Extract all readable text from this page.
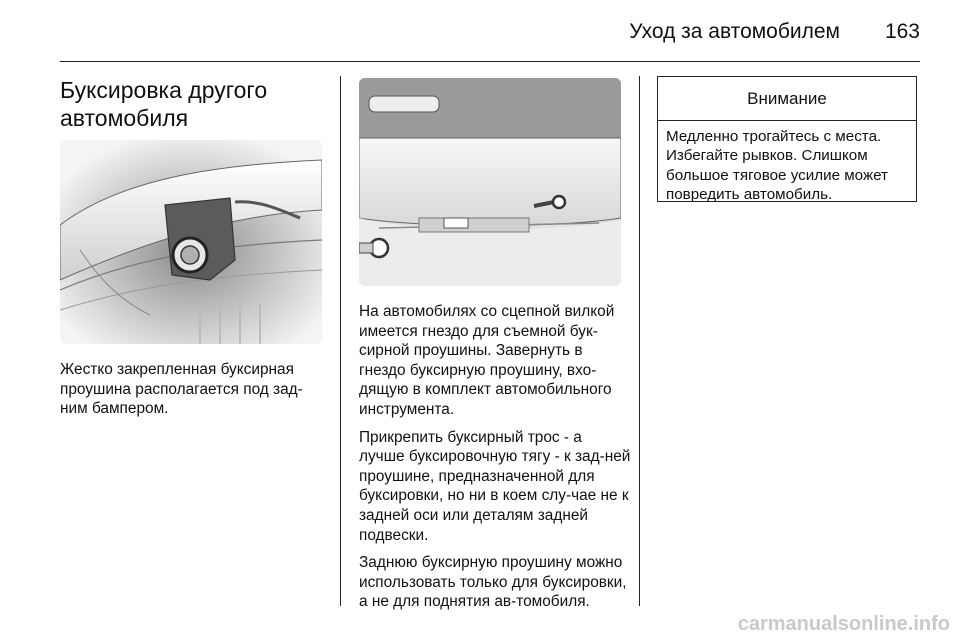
Уход за автомобилем	163
Буксировка другого
автомобиля

Жестко закрепленная буксирная проушина располагается под зад-ним бампером.

На автомобилях со сцепной вилкой имеется гнездо для съемной бук-сирной проушины. Завернуть в гнездо буксирную проушину, вхо-дящую в комплект автомобильного инструмента.

Прикрепить буксирный трос - а лучше буксировочную тягу - к зад-ней проушине, предназначенной для буксировки, но ни в коем слу-чае не к задней оси или деталям задней подвески.

Заднюю буксирную проушину можно использовать только для буксировки, а не для поднятия ав-томобиля.

Внимание
Медленно трогайтесь с места. Избегайте рывков. Слишком большое тяговое усилие может повредить автомобиль.
carmanualsonline.info
